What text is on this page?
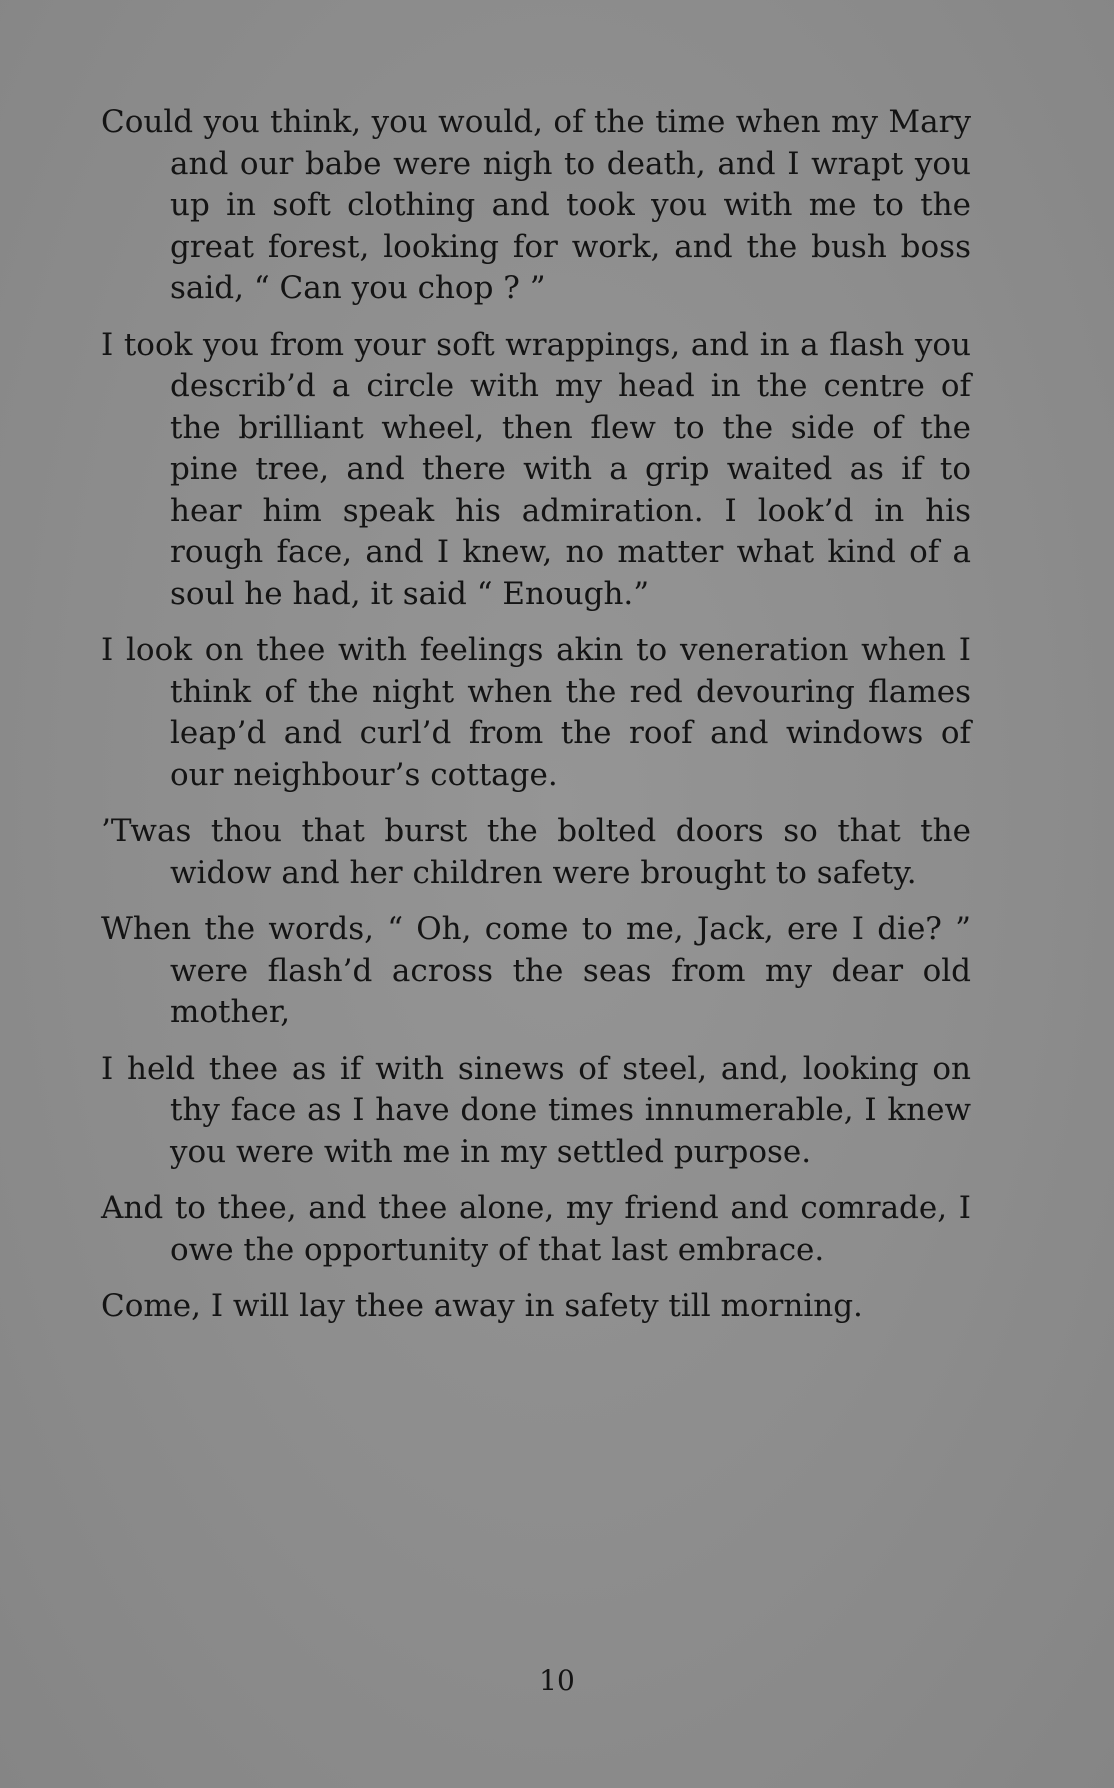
Could you think, you would, of the time when my Mary and our babe were nigh to death, and I wrapt you up in soft clothing and took you with me to the great forest, looking for work, and the bush boss said, “ Can you chop ? ”

I took you from your soft wrappings, and in a flash you describ’d a circle with my head in the centre of the brilliant wheel, then flew to the side of the pine tree, and there with a grip waited as if to hear him speak his admiration. I look’d in his rough face, and I knew, no matter what kind of a soul he had, it said “ Enough.”

I look on thee with feelings akin to veneration when I think of the night when the red devouring flames leap’d and curl’d from the roof and windows of our neighbour’s cottage.

’Twas thou that burst the bolted doors so that the widow and her children were brought to safety.

When the words, “ Oh, come to me, Jack, ere I die? ” were flash’d across the seas from my dear old mother,

I held thee as if with sinews of steel, and, looking on thy face as I have done times innumerable, I knew you were with me in my settled purpose.

And to thee, and thee alone, my friend and comrade, I owe the opportunity of that last embrace.

Come, I will lay thee away in safety till morning.

10
